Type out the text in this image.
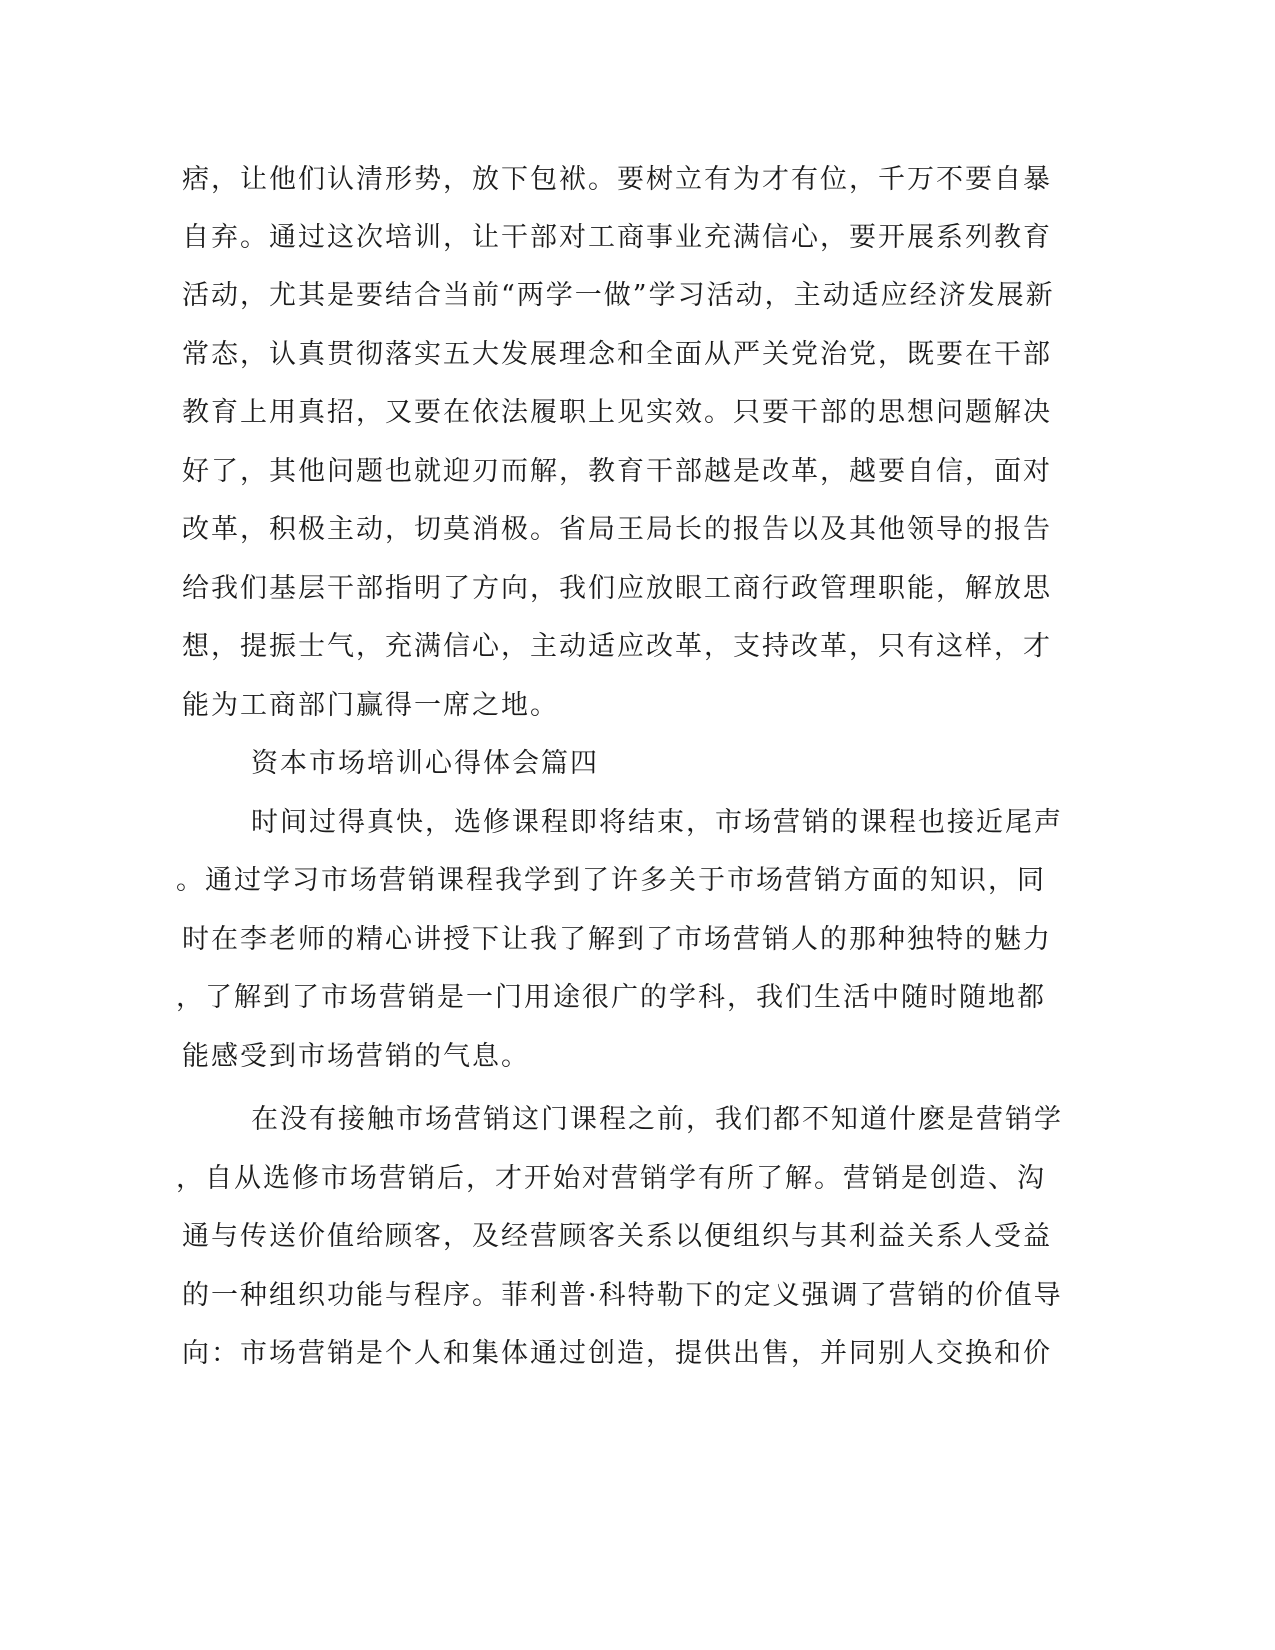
痞，让他们认清形势，放下包袱。要树立有为才有位，千万不要自暴
自弃。通过这次培训，让干部对工商事业充满信心，要开展系列教育
活动，尤其是要结合当前“两学一做”学习活动，主动适应经济发展新
常态，认真贯彻落实五大发展理念和全面从严关党治党，既要在干部
教育上用真招，又要在依法履职上见实效。只要干部的思想问题解决
好了，其他问题也就迎刃而解，教育干部越是改革，越要自信，面对
改革，积极主动，切莫消极。省局王局长的报告以及其他领导的报告
给我们基层干部指明了方向，我们应放眼工商行政管理职能，解放思
想，提振士气，充满信心，主动适应改革，支持改革，只有这样，才
能为工商部门赢得一席之地。
资本市场培训心得体会篇四
时间过得真快，选修课程即将结束，市场营销的课程也接近尾声
。通过学习市场营销课程我学到了许多关于市场营销方面的知识，同
时在李老师的精心讲授下让我了解到了市场营销人的那种独特的魅力
，了解到了市场营销是一门用途很广的学科，我们生活中随时随地都
能感受到市场营销的气息。
在没有接触市场营销这门课程之前，我们都不知道什麽是营销学
，自从选修市场营销后，才开始对营销学有所了解。营销是创造、沟
通与传送价值给顾客，及经营顾客关系以便组织与其利益关系人受益
的一种组织功能与程序。菲利普·科特勒下的定义强调了营销的价值导
向：市场营销是个人和集体通过创造，提供出售，并同别人交换和价
